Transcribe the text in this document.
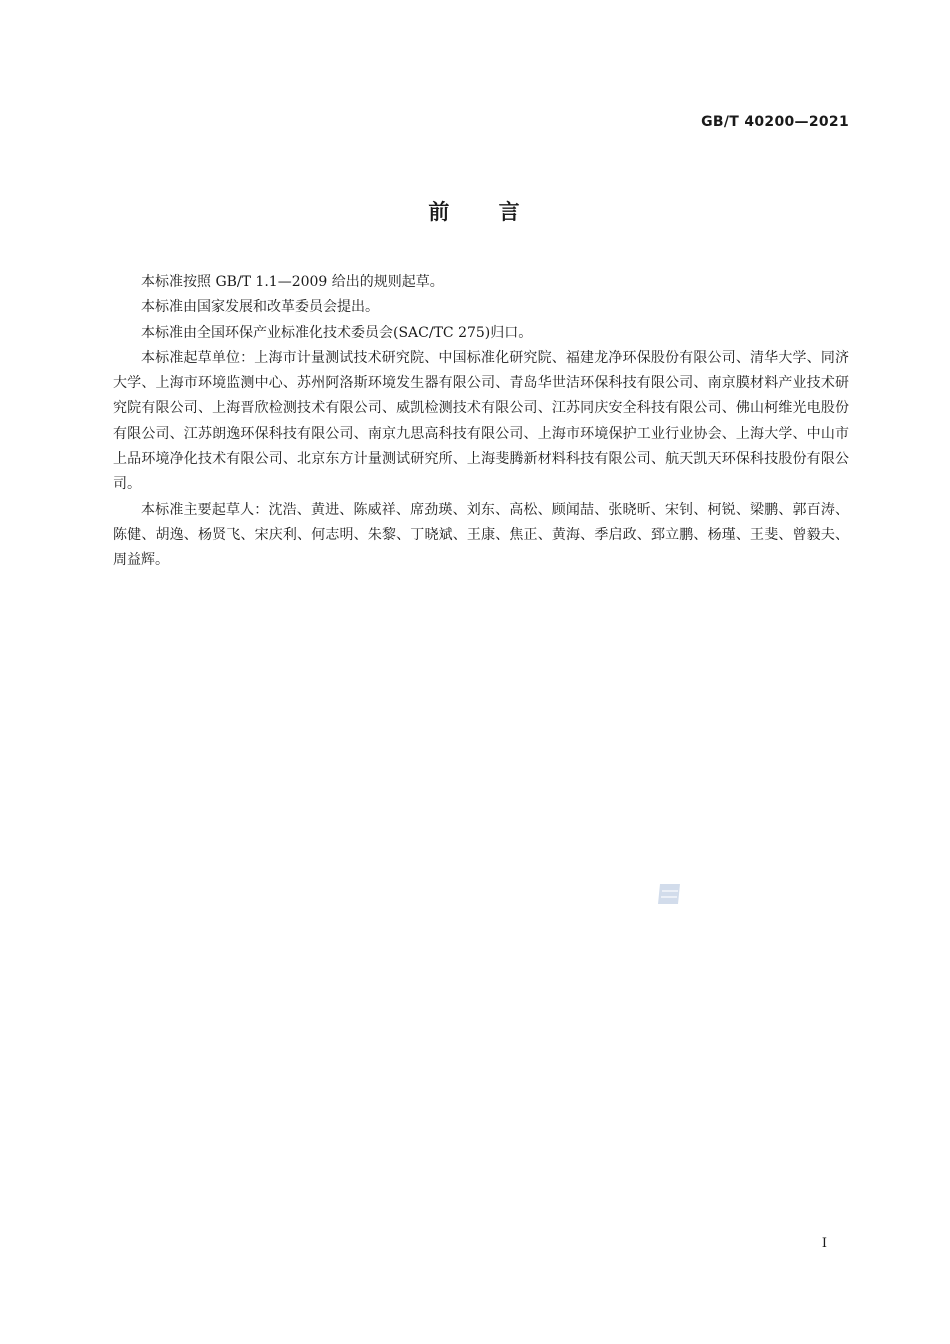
GB/T 40200—2021
前 言

本标准按照 GB/T 1.1—2009 给出的规则起草。

本标准由国家发展和改革委员会提出。

本标准由全国环保产业标准化技术委员会(SAC/TC 275)归口。

本标准起草单位：上海市计量测试技术研究院、中国标准化研究院、福建龙净环保股份有限公司、清华大学、同济大学、上海市环境监测中心、苏州阿洛斯环境发生器有限公司、青岛华世洁环保科技有限公司、南京膜材料产业技术研究院有限公司、上海晋欣检测技术有限公司、威凯检测技术有限公司、江苏同庆安全科技有限公司、佛山柯维光电股份有限公司、江苏朗逸环保科技有限公司、南京九思高科技有限公司、上海市环境保护工业行业协会、上海大学、中山市上品环境净化技术有限公司、北京东方计量测试研究所、上海斐腾新材料科技有限公司、航天凯天环保科技股份有限公司。

本标准主要起草人：沈浩、黄进、陈威祥、席劲瑛、刘东、高松、顾闻喆、张晓昕、宋钊、柯锐、梁鹏、郭百涛、陈健、胡逸、杨贤飞、宋庆利、何志明、朱黎、丁晓斌、王康、焦正、黄海、季启政、郅立鹏、杨瑾、王斐、曾毅夫、周益辉。

I
